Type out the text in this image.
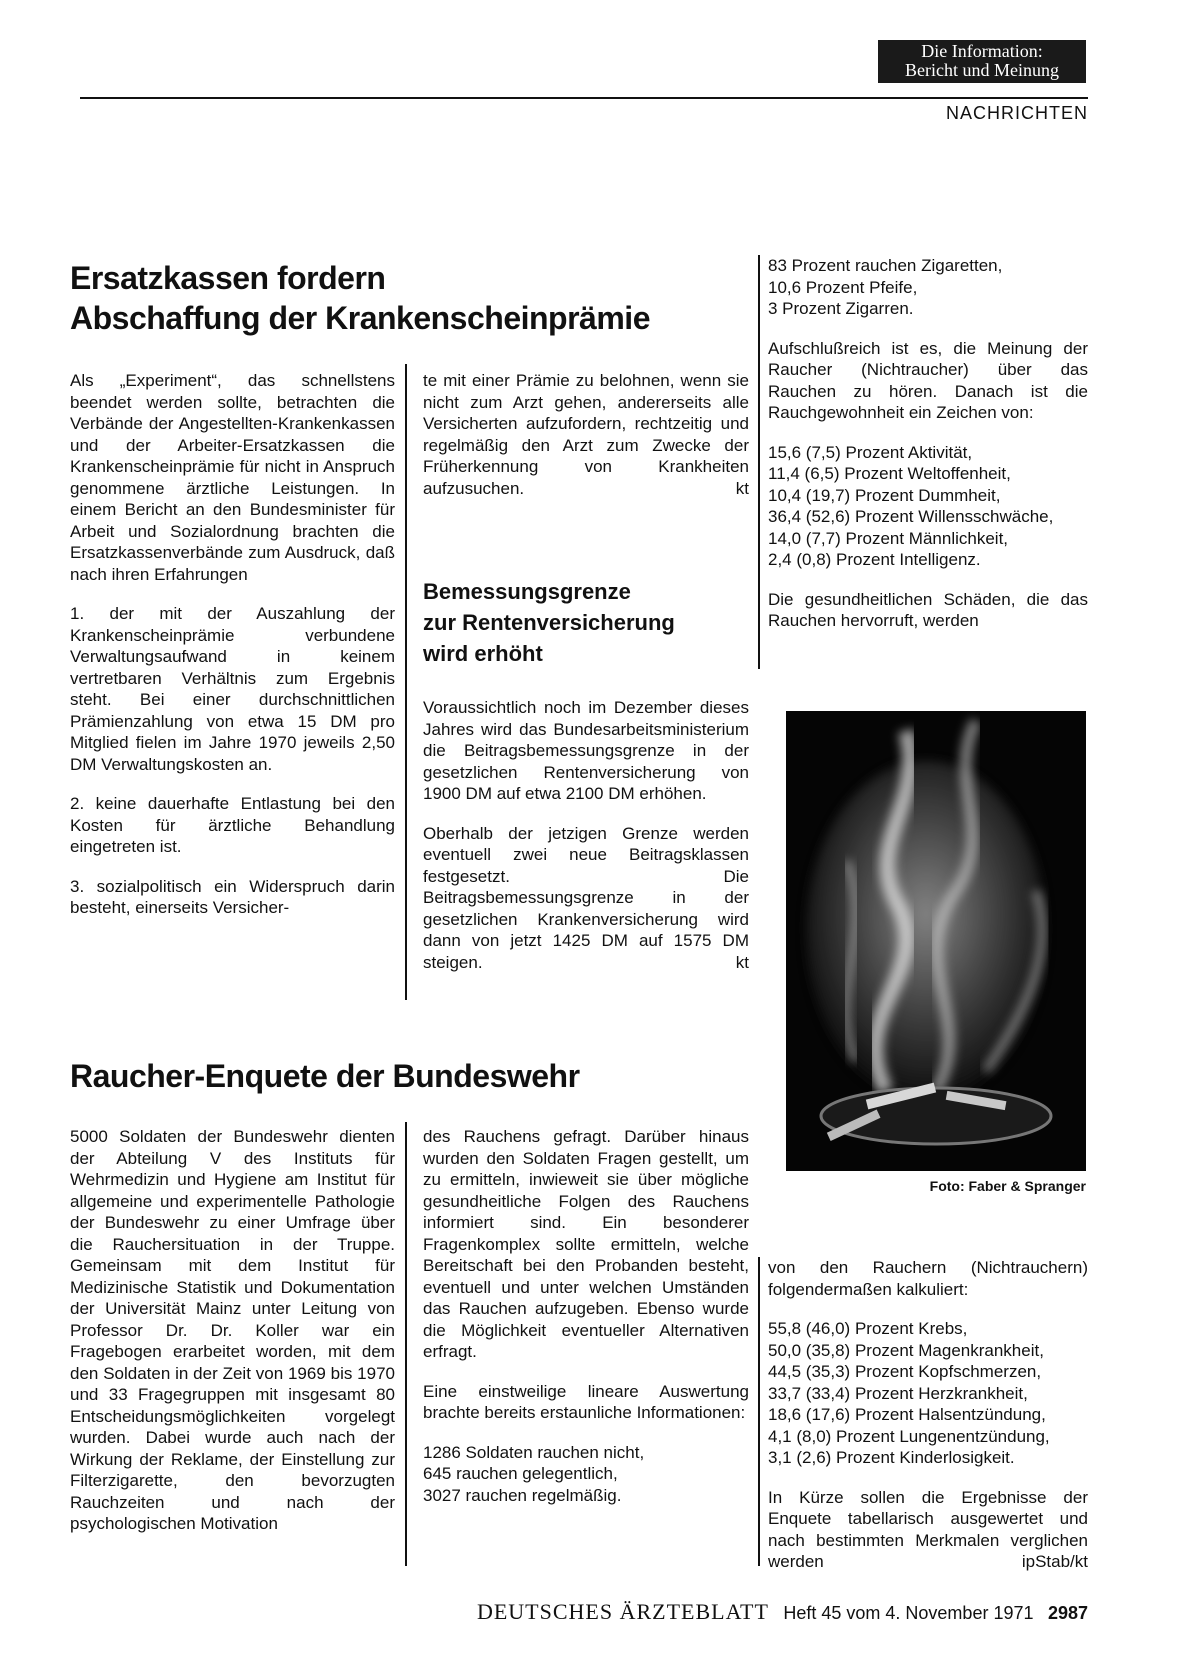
Die Information:
Bericht und Meinung
NACHRICHTEN
Ersatzkassen fordern
Abschaffung der Krankenscheinprämie

Als „Experiment“, das schnellstens beendet werden sollte, betrachten die Verbände der Angestellten-Krankenkassen und der Arbeiter-Ersatzkassen die Krankenscheinprämie für nicht in Anspruch genommene ärztliche Leistungen. In einem Bericht an den Bundesminister für Arbeit und Sozialordnung brachten die Ersatzkassenverbände zum Ausdruck, daß nach ihren Erfahrungen

1. der mit der Auszahlung der Krankenscheinprämie verbundene Verwaltungsaufwand in keinem vertretbaren Verhältnis zum Ergebnis steht. Bei einer durchschnittlichen Prämienzahlung von etwa 15 DM pro Mitglied fielen im Jahre 1970 jeweils 2,50 DM Verwaltungskosten an.

2. keine dauerhafte Entlastung bei den Kosten für ärztliche Behandlung eingetreten ist.

3. sozialpolitisch ein Widerspruch darin besteht, einerseits Versicher-

te mit einer Prämie zu belohnen, wenn sie nicht zum Arzt gehen, andererseits alle Versicherten aufzufordern, rechtzeitig und regelmäßig den Arzt zum Zwecke der Früherkennung von Krankheiten aufzusuchen.	kt

Bemessungsgrenze
zur Rentenversicherung
wird erhöht

Voraussichtlich noch im Dezember dieses Jahres wird das Bundesarbeitsministerium die Beitragsbemessungsgrenze in der gesetzlichen Rentenversicherung von 1900 DM auf etwa 2100 DM erhöhen.

Oberhalb der jetzigen Grenze werden eventuell zwei neue Beitragsklassen festgesetzt. Die Beitragsbemessungsgrenze in der gesetzlichen Krankenversicherung wird dann von jetzt 1425 DM auf 1575 DM steigen.	kt

83 Prozent rauchen Zigaretten,
10,6 Prozent Pfeife,
3 Prozent Zigarren.

Aufschlußreich ist es, die Meinung der Raucher (Nichtraucher) über das Rauchen zu hören. Danach ist die Rauchgewohnheit ein Zeichen von:

15,6 (7,5) Prozent Aktivität,
11,4 (6,5) Prozent Weltoffenheit,
10,4 (19,7) Prozent Dummheit,
36,4 (52,6) Prozent Willensschwäche,
14,0 (7,7) Prozent Männlichkeit,
2,4 (0,8) Prozent Intelligenz.

Die gesundheitlichen Schäden, die das Rauchen hervorruft, werden

Foto: Faber & Spranger

von den Rauchern (Nichtrauchern) folgendermaßen kalkuliert:

55,8 (46,0) Prozent Krebs,
50,0 (35,8) Prozent Magenkrankheit,
44,5 (35,3) Prozent Kopfschmerzen,
33,7 (33,4) Prozent Herzkrankheit,
18,6 (17,6) Prozent Halsentzündung,
4,1 (8,0) Prozent Lungenentzündung,
3,1 (2,6) Prozent Kinderlosigkeit.

In Kürze sollen die Ergebnisse der Enquete tabellarisch ausgewertet und nach bestimmten Merkmalen verglichen werden	ipStab/kt

Raucher-Enquete der Bundeswehr

5000 Soldaten der Bundeswehr dienten der Abteilung V des Instituts für Wehrmedizin und Hygiene am Institut für allgemeine und experimentelle Pathologie der Bundeswehr zu einer Umfrage über die Rauchersituation in der Truppe. Gemeinsam mit dem Institut für Medizinische Statistik und Dokumentation der Universität Mainz unter Leitung von Professor Dr. Dr. Koller war ein Fragebogen erarbeitet worden, mit dem den Soldaten in der Zeit von 1969 bis 1970 und 33 Fragegruppen mit insgesamt 80 Entscheidungsmöglichkeiten vorgelegt wurden. Dabei wurde auch nach der Wirkung der Reklame, der Einstellung zur Filterzigarette, den bevorzugten Rauchzeiten und nach der psychologischen Motivation

des Rauchens gefragt. Darüber hinaus wurden den Soldaten Fragen gestellt, um zu ermitteln, inwieweit sie über mögliche gesundheitliche Folgen des Rauchens informiert sind. Ein besonderer Fragenkomplex sollte ermitteln, welche Bereitschaft bei den Probanden besteht, eventuell und unter welchen Umständen das Rauchen aufzugeben. Ebenso wurde die Möglichkeit eventueller Alternativen erfragt.

Eine einstweilige lineare Auswertung brachte bereits erstaunliche Informationen:

1286 Soldaten rauchen nicht,
645 rauchen gelegentlich,
3027 rauchen regelmäßig.
DEUTSCHES ÄRZTEBLATT Heft 45 vom 4. November 1971 2987
